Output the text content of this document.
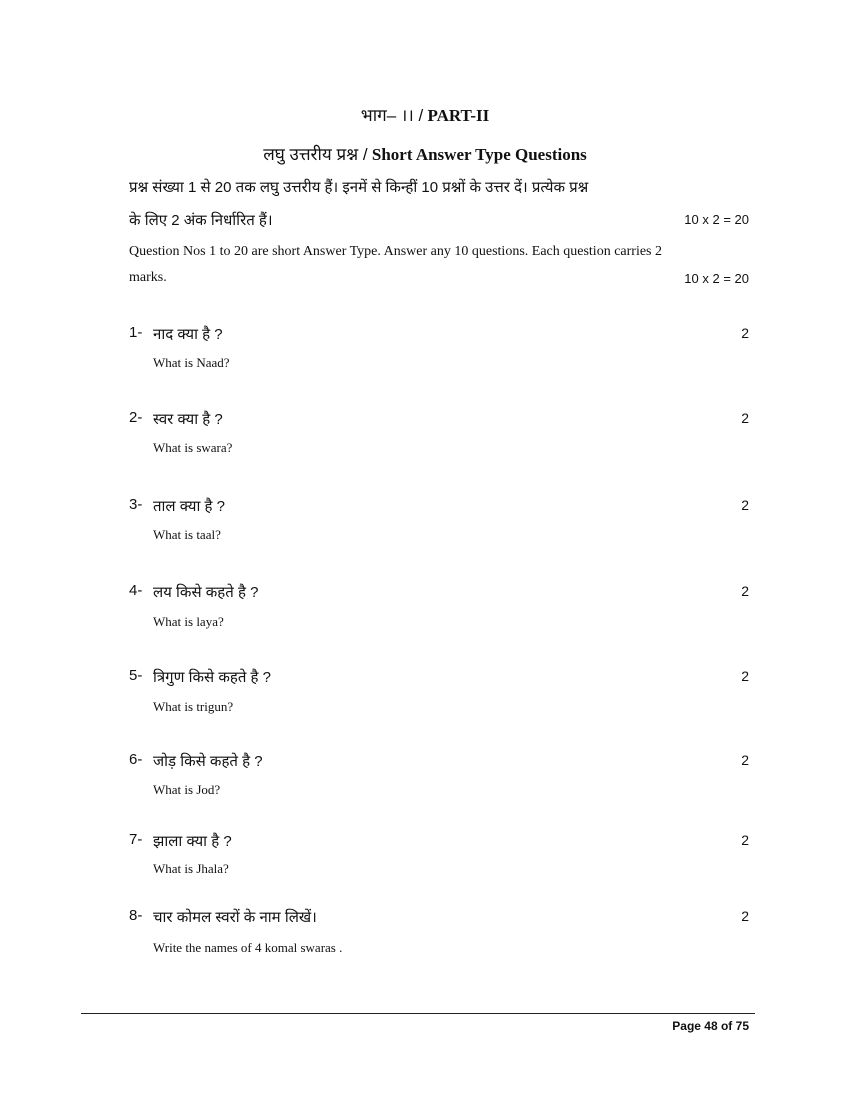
भाग– ।। / PART-II
लघु उत्तरीय प्रश्न / Short Answer Type Questions
प्रश्न संख्या 1 से 20 तक लघु उत्तरीय हैं। इनमें से किन्हीं 10 प्रश्नों के उत्तर दें। प्रत्येक प्रश्न
के लिए 2 अंक निर्धारित हैं।	10 x 2 = 20
Question Nos 1 to 20 are short Answer Type. Answer any 10 questions. Each question carries 2
marks.	10 x 2 = 20
1- नाद क्या है ?	2
What is Naad?
2- स्वर क्या है ?	2
What is swara?
3- ताल क्या है ?	2
What is taal?
4- लय किसे कहते है ?	2
What is laya?
5- त्रिगुण किसे कहते है ?	2
What is trigun?
6- जोड़ किसे कहते है ?	2
What is Jod?
7- झाला क्या है ?	2
What is Jhala?
8- चार कोमल स्वरों के नाम लिखें।	2
Write the names of 4 komal swaras .
Page 48 of 75
